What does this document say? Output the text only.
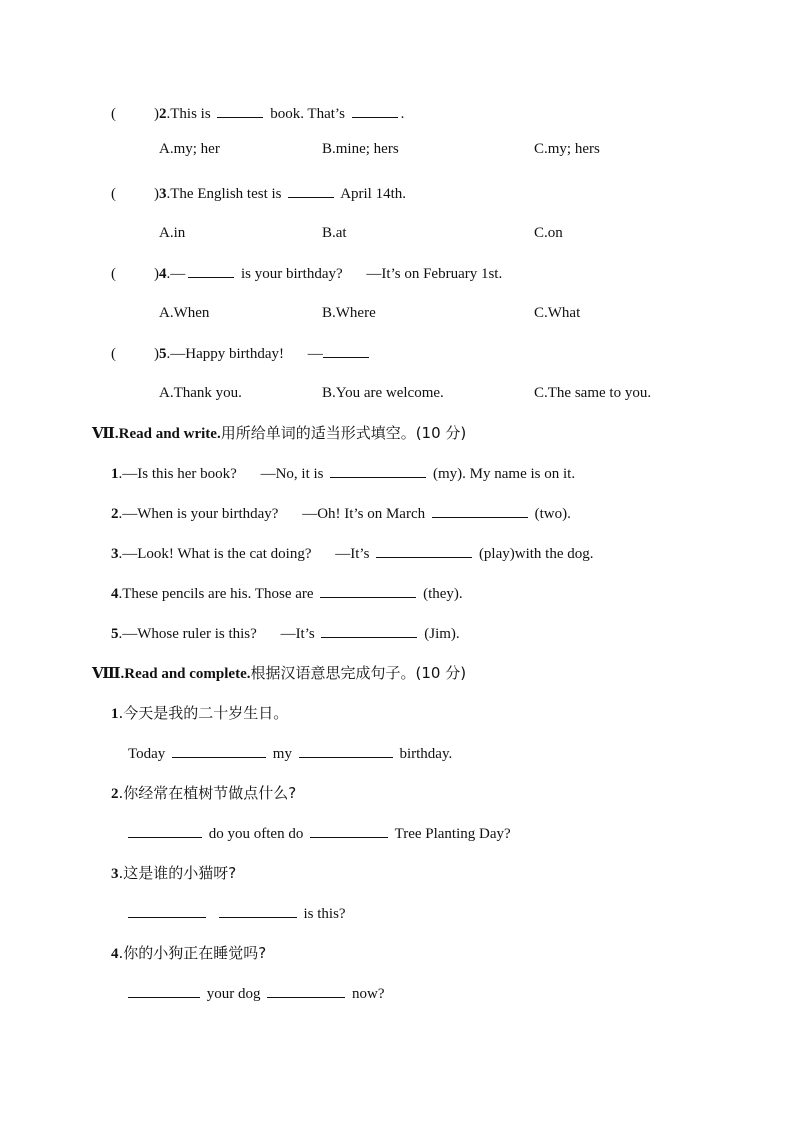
(	)2.This is	book. That’s	.
A.my; her	B.mine; hers	C.my; hers
(	)3.The English test is	April 14th.
A.in	B.at	C.on
(	)4.—	is your birthday? —It’s on February 1st.
A.When	B.Where	C.What
(	)5.—Happy birthday! —
A.Thank you.	B.You are welcome.	C.The same to you.
Ⅶ.Read and write.用所给单词的适当形式填空。(10 分)
1.—Is this her book? —No, it is	(my). My name is on it.
2.—When is your birthday? —Oh! It’s on March	(two).
3.—Look! What is the cat doing? —It’s	(play)with the dog.
4.These pencils are his. Those are	(they).
5.—Whose ruler is this? —It’s	(Jim).
Ⅷ.Read and complete.根据汉语意思完成句子。(10 分)
1.今天是我的二十岁生日。
Today	my	birthday.
2.你经常在植树节做点什么?
do you often do	Tree Planting Day?
3.这是谁的小猫呀?
is this?
4.你的小狗正在睡觉吗?
your dog	now?
